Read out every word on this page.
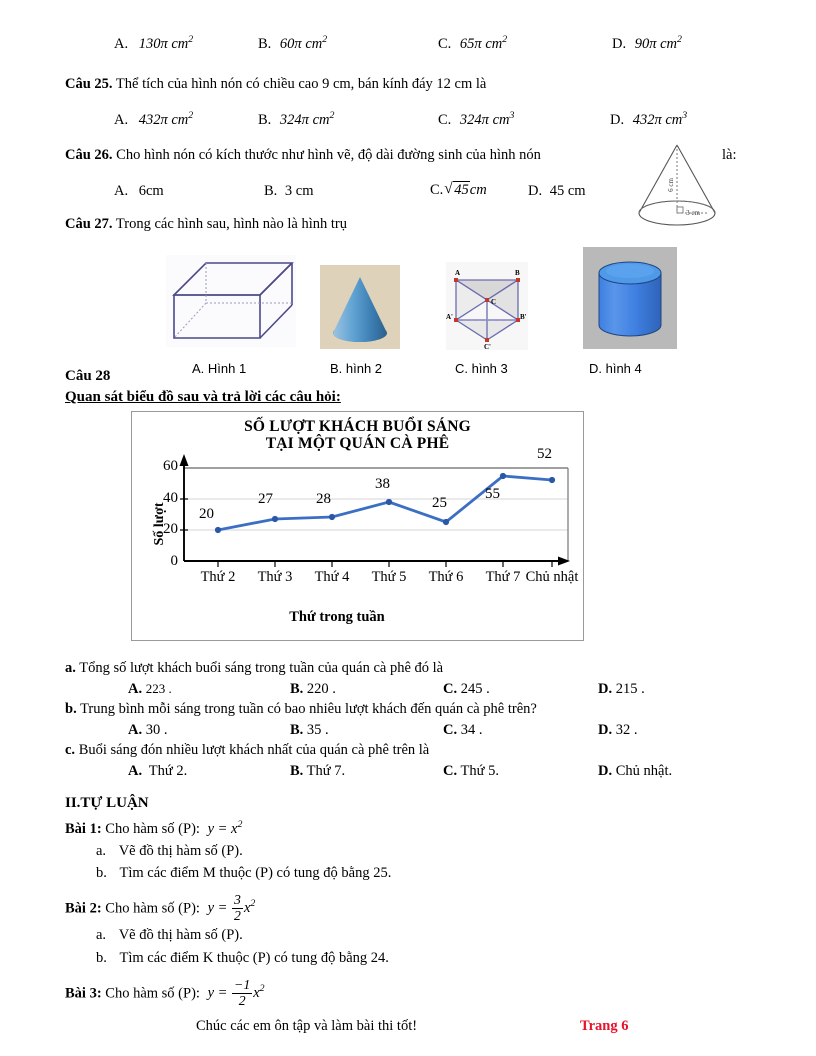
A. 130π $cm^2$	B. 60π $cm^2$	C. 65π $cm^2$	D. 90π $cm^2$
Câu 25. Thể tích của hình nón có chiều cao 9 cm, bán kính đáy 12 cm là
A. 432π $cm^2$	B. 324π $cm^2$	C. 324π $cm^3$	D. 432π $cm^3$
Câu 26. Cho hình nón có kích thước như hình vẽ, độ dài đường sinh của hình nón	là:
6 cm
3 cm
A. 6cm	B. 3 cm	C. √ 45cm	D. 45 cm
Câu 27. Trong các hình sau, hình nào là hình trụ
A	B
C
A'	B'
C'
A. Hình 1	B. hình 2	C. hình 3	D. hình 4
Câu 28
Quan sát biểu đồ sau và trả lời các câu hỏi:
SỐ LƯỢT KHÁCH BUỔI SÁNG
TẠI MỘT QUÁN CÀ PHÊ
Số lượt
0
20
40
60
20
27	28
38
25
55
52
Thứ 2	Thứ 3	Thứ 4	Thứ 5	Thứ 6	Thứ 7 Chủ nhật
Thứ trong tuần
a. Tổng số lượt khách buổi sáng trong tuần của quán cà phê đó là
A. 223 .	B. 220 .	C. 245 .	D. 215 .
b. Trung bình mỗi sáng trong tuần có bao nhiêu lượt khách đến quán cà phê trên?
A. 30 .	B. 35 .	C. 34 .	D. 32 .
c. Buổi sáng đón nhiều lượt khách nhất của quán cà phê trên là
A. Thứ 2.	B. Thứ 7.	C. Thứ 5.	D. Chủ nhật.
II.TỰ LUẬN
Bài 1: Cho hàm số (P): $y = x^2$
a. Vẽ đồ thị hàm số (P).
b. Tìm các điểm M thuộc (P) có tung độ bằng 25.
Bài 2: Cho hàm số (P): $y = \frac{3}{2} x^2$
a. Vẽ đồ thị hàm số (P).
b. Tìm các điểm K thuộc (P) có tung độ bằng 24.
Bài 3: Cho hàm số (P): $y = \frac{-1}{2} x^2$
Chúc các em ôn tập và làm bài thi tốt!	Trang 6
